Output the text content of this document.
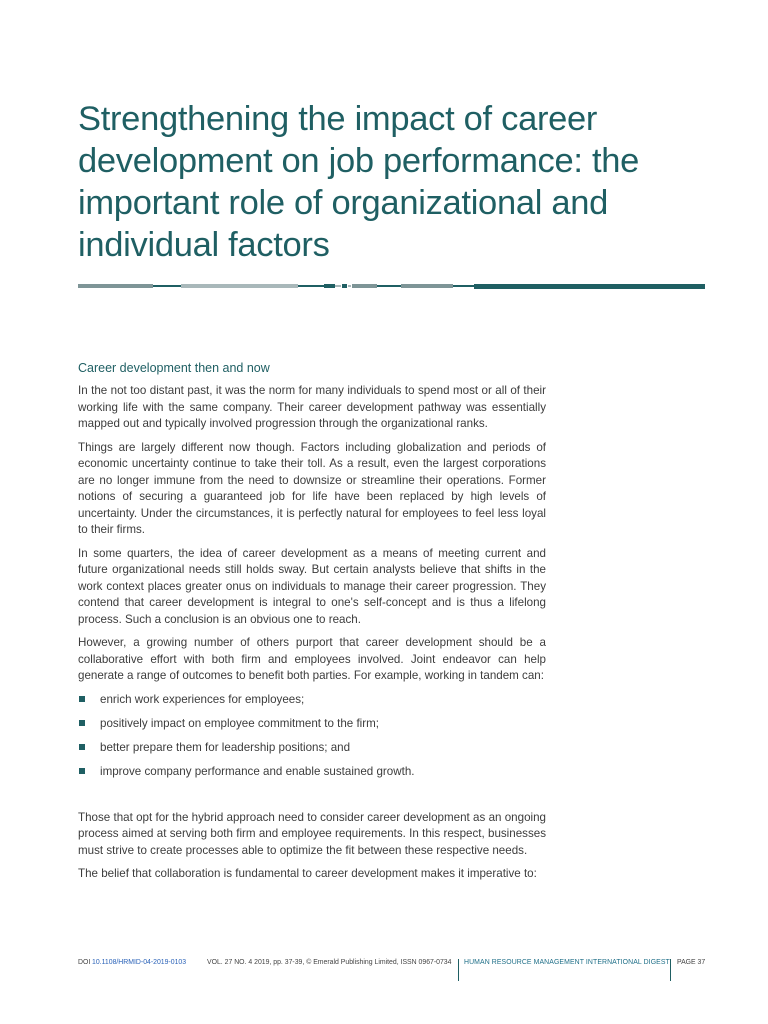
Strengthening the impact of career development on job performance: the important role of organizational and individual factors
Career development then and now

In the not too distant past, it was the norm for many individuals to spend most or all of their working life with the same company. Their career development pathway was essentially mapped out and typically involved progression through the organizational ranks.

Things are largely different now though. Factors including globalization and periods of economic uncertainty continue to take their toll. As a result, even the largest corporations are no longer immune from the need to downsize or streamline their operations. Former notions of securing a guaranteed job for life have been replaced by high levels of uncertainty. Under the circumstances, it is perfectly natural for employees to feel less loyal to their firms.

In some quarters, the idea of career development as a means of meeting current and future organizational needs still holds sway. But certain analysts believe that shifts in the work context places greater onus on individuals to manage their career progression. They contend that career development is integral to one's self-concept and is thus a lifelong process. Such a conclusion is an obvious one to reach.

However, a growing number of others purport that career development should be a collaborative effort with both firm and employees involved. Joint endeavor can help generate a range of outcomes to benefit both parties. For example, working in tandem can:

enrich work experiences for employees;
positively impact on employee commitment to the firm;
better prepare them for leadership positions; and
improve company performance and enable sustained growth.

Those that opt for the hybrid approach need to consider career development as an ongoing process aimed at serving both firm and employee requirements. In this respect, businesses must strive to create processes able to optimize the fit between these respective needs.

The belief that collaboration is fundamental to career development makes it imperative to:

DOI 10.1108/HRMID-04-2019-0103	VOL. 27 NO. 4 2019, pp. 37-39, © Emerald Publishing Limited, ISSN 0967-0734 HUMAN RESOURCE MANAGEMENT INTERNATIONAL DIGEST PAGE 37
